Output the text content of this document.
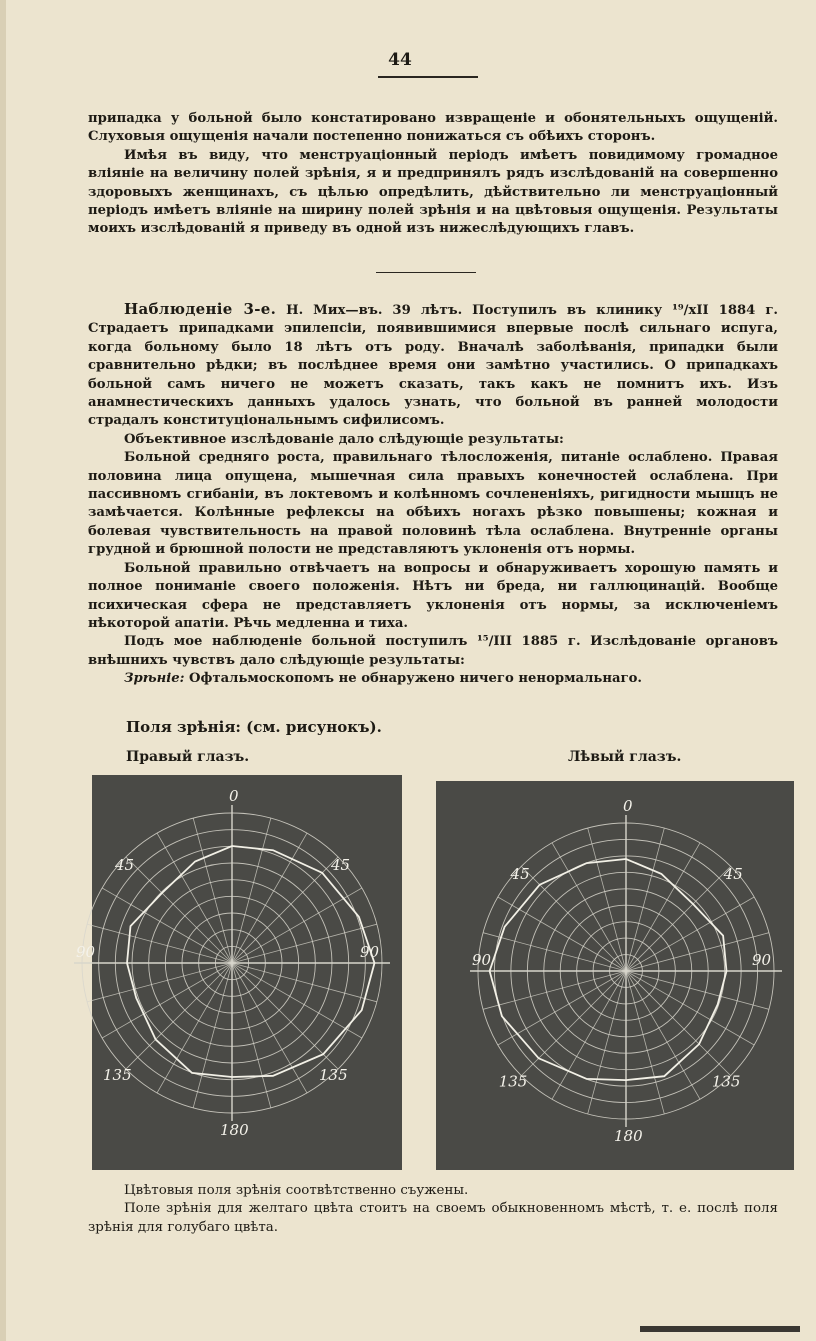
44

припадка у больной было констатировано извращеніе и обонятельныхъ ощущеній. Слуховыя ощущенія начали постепенно понижаться съ обѣихъ сторонъ.

Имѣя въ виду, что менструаціонный періодъ имѣетъ повидимому громадное вліяніе на величину полей зрѣнія, я и предпринялъ рядъ изслѣдованій на совершенно здоровыхъ женщинахъ, съ цѣлью опредѣлить, дѣйствительно ли менструаціонный періодъ имѣетъ вліяніе на ширину полей зрѣнія и на цвѣтовыя ощущенія. Результаты моихъ изслѣдованій я приведу въ одной изъ нижеслѣдующихъ главъ.

Наблюденіе 3-е. Н. Мих—въ. 39 лѣтъ. Поступилъ въ клинику ¹⁹/xII 1884 г. Страдаетъ припадками эпилепсіи, появившимися впервые послѣ сильнаго испуга, когда больному было 18 лѣтъ отъ роду. Вначалѣ заболѣванія, припадки были сравнительно рѣдки; въ послѣднее время они замѣтно участились. О припадкахъ больной самъ ничего не можетъ сказать, такъ какъ не помнитъ ихъ. Изъ анамнестическихъ данныхъ удалось узнать, что больной въ ранней молодости страдалъ конституціональнымъ сифилисомъ.

Объективное изслѣдованіе дало слѣдующіе результаты:

Больной средняго роста, правильнаго тѣлосложенія, питаніе ослаблено. Правая половина лица опущена, мышечная сила правыхъ конечностей ослаблена. При пассивномъ сгибаніи, въ локтевомъ и колѣнномъ сочлененіяхъ, ригидности мышцъ не замѣчается. Колѣнные рефлексы на обѣихъ ногахъ рѣзко повышены; кожная и болевая чувствительность на правой половинѣ тѣла ослаблена. Внутренніе органы грудной и брюшной полости не представляютъ уклоненія отъ нормы.

Больной правильно отвѣчаетъ на вопросы и обнаруживаетъ хорошую память и полное пониманіе своего положенія. Нѣтъ ни бреда, ни галлюцинацій. Вообще психическая сфера не представляетъ уклоненія отъ нормы, за исключеніемъ нѣкоторой апатіи. Рѣчь медленна и тиха.

Подъ мое наблюденіе больной поступилъ ¹⁵/III 1885 г. Изслѣдованіе органовъ внѣшнихъ чувствъ дало слѣдующіе результаты:

Зрѣніе: Офтальмоскопомъ не обнаружено ничего ненормальнаго.

Поля зрѣнія: (см. рисунокъ).
Правый глазъ.	Лѣвый глазъ.
0
45	45
90	90
135	135
180
0
45	45
90	90
135	135
180

Цвѣтовыя поля зрѣнія соотвѣтственно съужены.

Поле зрѣнія для желтаго цвѣта стоитъ на своемъ обыкновенномъ мѣстѣ, т. е. послѣ поля зрѣнія для голубаго цвѣта.
